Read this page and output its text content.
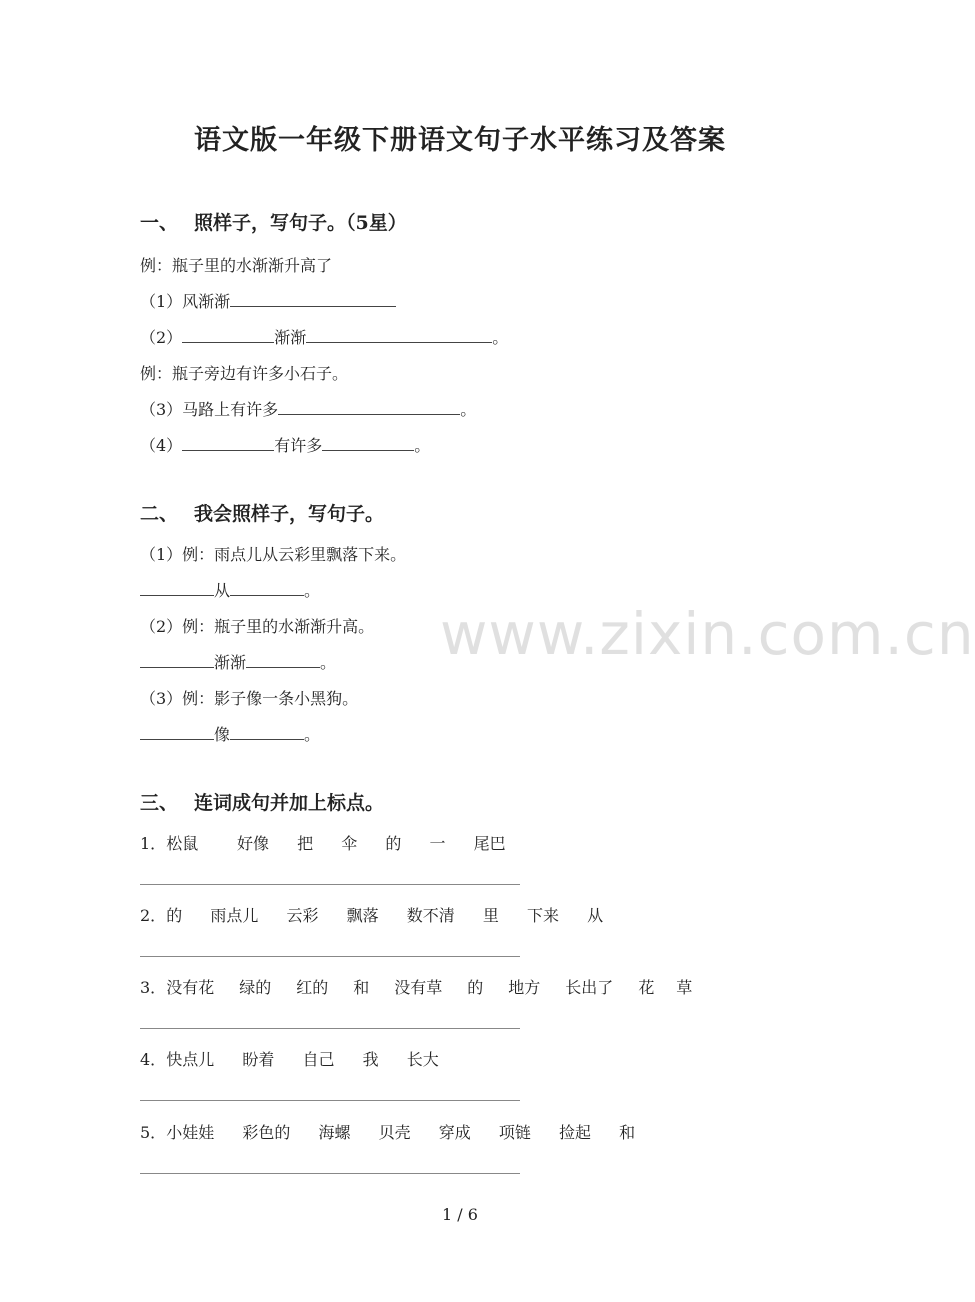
语文版一年级下册语文句子水平练习及答案
一、 照样子，写句子。（5星）
例：瓶子里的水渐渐升高了
（1）风渐渐
（2）	渐渐	。
例：瓶子旁边有许多小石子。
（3）马路上有许多	。
（4）	有许多	。
二、 我会照样子，写句子。
（1）例：雨点儿从云彩里飘落下来。
从	。
（2）例：瓶子里的水渐渐升高。
渐渐	。
（3）例：影子像一条小黑狗。
像	。
三、 连词成句并加上标点。
1．松鼠 好像 把 伞 的 一 尾巴
2．的 雨点儿 云彩 飘落 数不清 里 下来 从
3．没有花 绿的 红的 和 没有草 的 地方 长出了 花 草
4．快点儿 盼着 自己 我 长大
5．小娃娃 彩色的 海螺 贝壳 穿成 项链 捡起 和
www.zixin.com.cn
1 / 6
